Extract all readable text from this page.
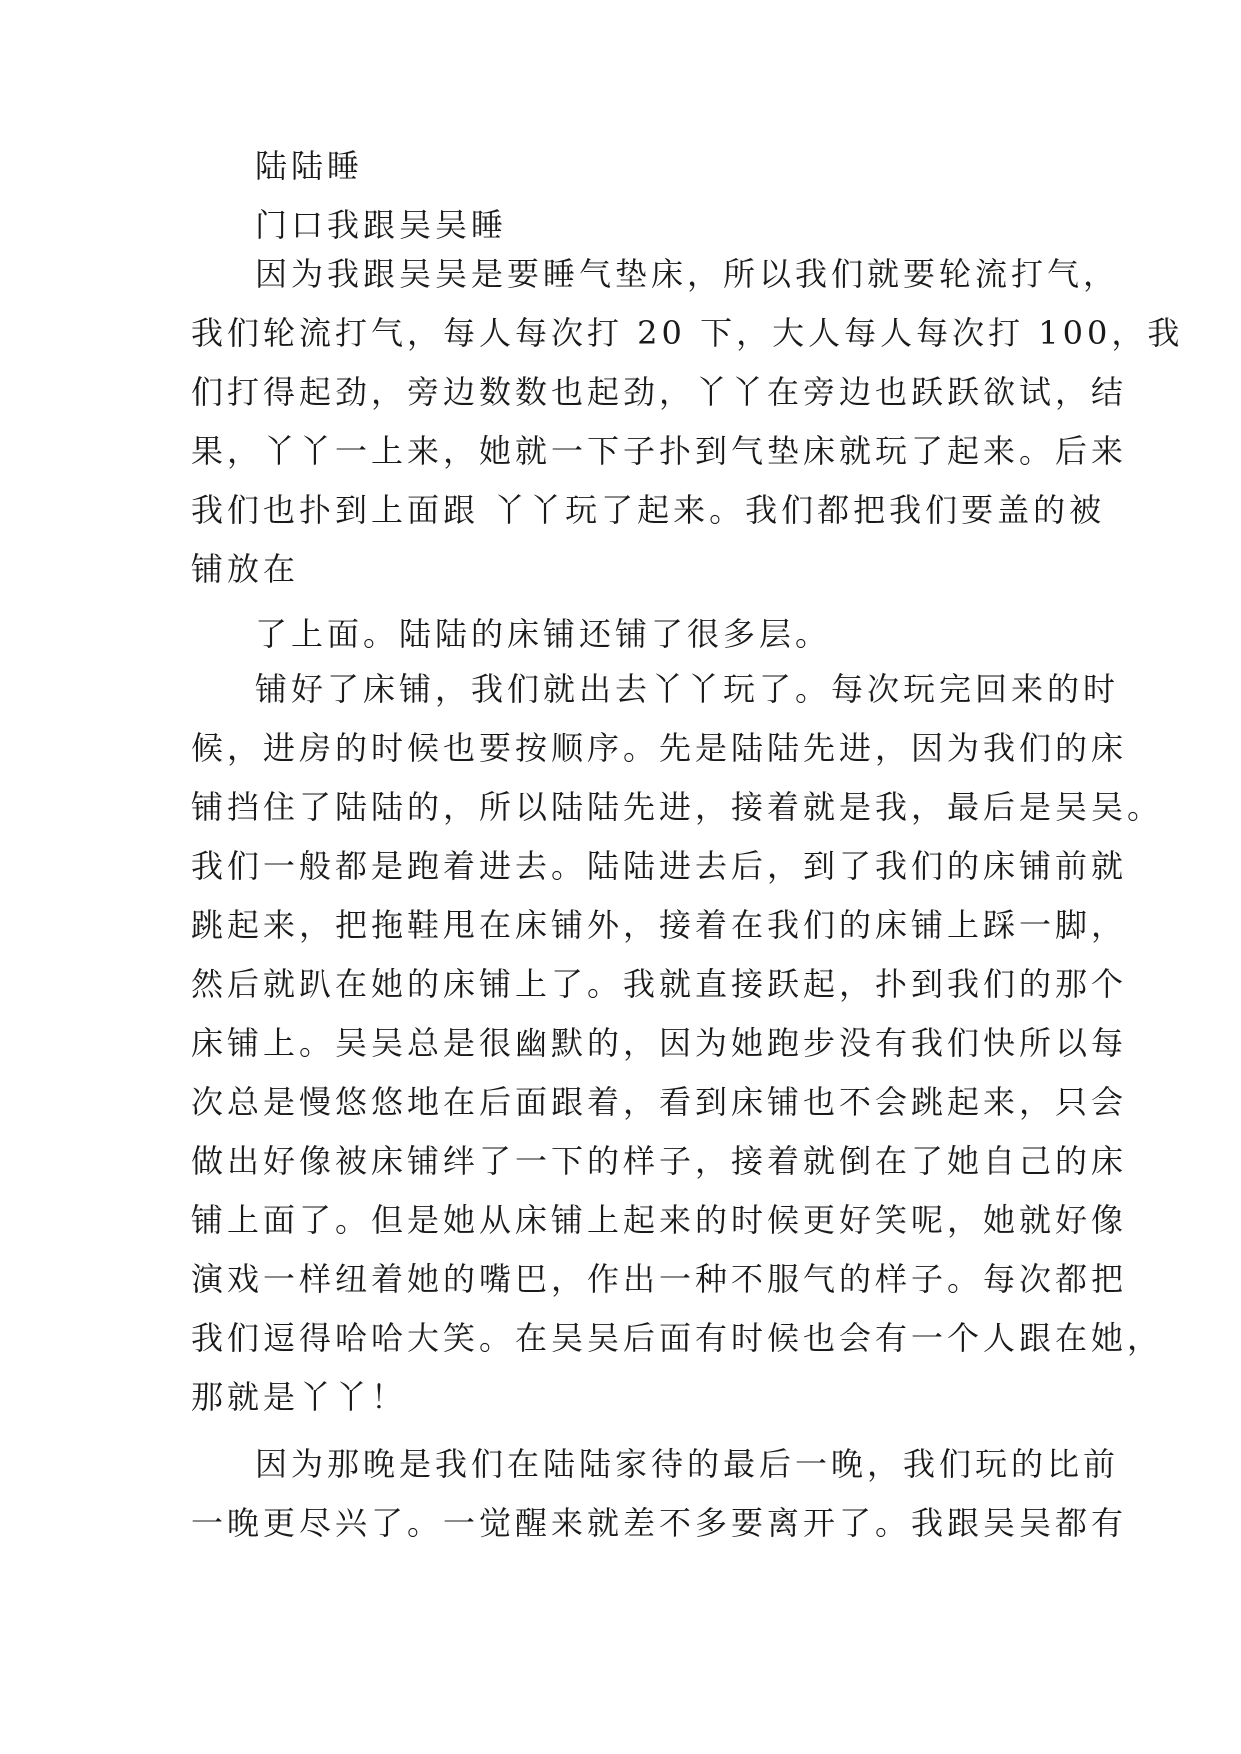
陆陆睡
门口我跟吴吴睡
因为我跟吴吴是要睡气垫床，所以我们就要轮流打气，
我们轮流打气，每人每次打 20 下，大人每人每次打 100，我
们打得起劲，旁边数数也起劲，丫丫在旁边也跃跃欲试，结
果，丫丫一上来，她就一下子扑到气垫床就玩了起来。后来
我们也扑到上面跟 丫丫玩了起来。我们都把我们要盖的被
铺放在
了上面。陆陆的床铺还铺了很多层。
铺好了床铺，我们就出去丫丫玩了。每次玩完回来的时
候，进房的时候也要按顺序。先是陆陆先进，因为我们的床
铺挡住了陆陆的，所以陆陆先进，接着就是我，最后是吴吴。
我们一般都是跑着进去。陆陆进去后，到了我们的床铺前就
跳起来，把拖鞋甩在床铺外，接着在我们的床铺上踩一脚，
然后就趴在她的床铺上了。我就直接跃起，扑到我们的那个
床铺上。吴吴总是很幽默的，因为她跑步没有我们快所以每
次总是慢悠悠地在后面跟着，看到床铺也不会跳起来，只会
做出好像被床铺绊了一下的样子，接着就倒在了她自己的床
铺上面了。但是她从床铺上起来的时候更好笑呢，她就好像
演戏一样纽着她的嘴巴，作出一种不服气的样子。每次都把
我们逗得哈哈大笑。在吴吴后面有时候也会有一个人跟在她，
那就是丫丫！
因为那晚是我们在陆陆家待的最后一晚，我们玩的比前
一晚更尽兴了。一觉醒来就差不多要离开了。我跟吴吴都有
